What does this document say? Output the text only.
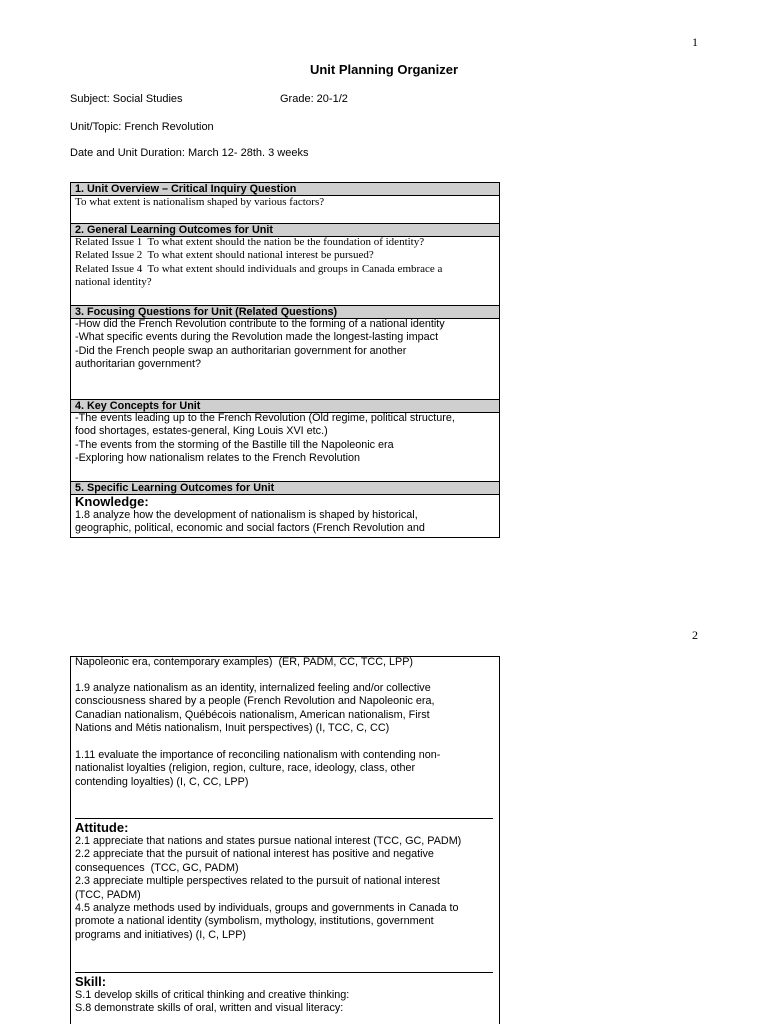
1
Unit Planning Organizer
Subject: Social Studies	Grade: 20-1/2
Unit/Topic: French Revolution
Date and Unit Duration: March 12- 28th. 3 weeks
1. Unit Overview – Critical Inquiry Question
To what extent is nationalism shaped by various factors?
2. General Learning Outcomes for Unit
Related Issue 1  To what extent should the nation be the foundation of identity?
Related Issue 2  To what extent should national interest be pursued?
Related Issue 4  To what extent should individuals and groups in Canada embrace a
national identity?
3. Focusing Questions for Unit (Related Questions)
-How did the French Revolution contribute to the forming of a national identity
-What specific events during the Revolution made the longest-lasting impact
-Did the French people swap an authoritarian government for another
authoritarian government?
4. Key Concepts for Unit
-The events leading up to the French Revolution (Old regime, political structure,
food shortages, estates-general, King Louis XVI etc.)
-The events from the storming of the Bastille till the Napoleonic era
-Exploring how nationalism relates to the French Revolution
5. Specific Learning Outcomes for Unit
Knowledge:
1.8 analyze how the development of nationalism is shaped by historical,
geographic, political, economic and social factors (French Revolution and
2
Napoleonic era, contemporary examples)  (ER, PADM, CC, TCC, LPP)
1.9 analyze nationalism as an identity, internalized feeling and/or collective
consciousness shared by a people (French Revolution and Napoleonic era,
Canadian nationalism, Québécois nationalism, American nationalism, First
Nations and Métis nationalism, Inuit perspectives) (I, TCC, C, CC)
1.11 evaluate the importance of reconciling nationalism with contending non-
nationalist loyalties (religion, region, culture, race, ideology, class, other
contending loyalties) (I, C, CC, LPP)
Attitude:
2.1 appreciate that nations and states pursue national interest (TCC, GC, PADM)
2.2 appreciate that the pursuit of national interest has positive and negative
consequences  (TCC, GC, PADM)
2.3 appreciate multiple perspectives related to the pursuit of national interest
(TCC, PADM)
4.5 analyze methods used by individuals, groups and governments in Canada to
promote a national identity (symbolism, mythology, institutions, government
programs and initiatives) (I, C, LPP)
Skill:
S.1 develop skills of critical thinking and creative thinking:
S.8 demonstrate skills of oral, written and visual literacy:
